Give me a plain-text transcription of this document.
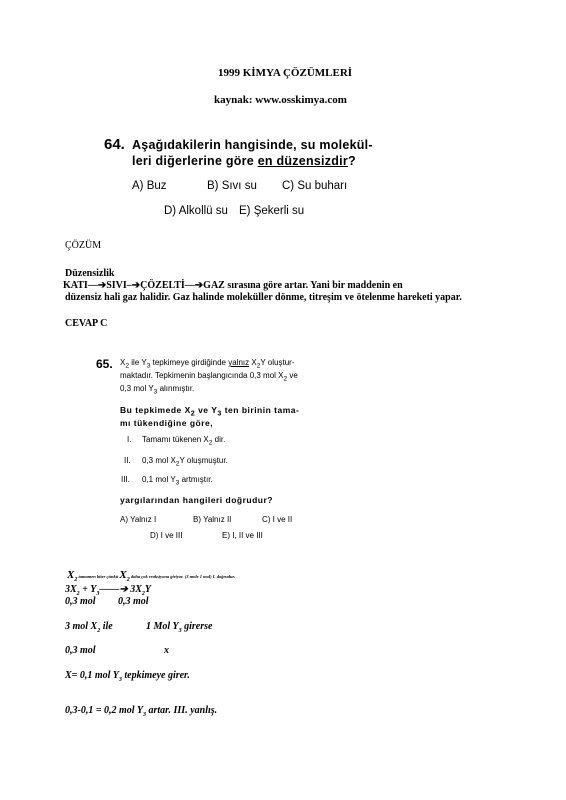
1999 KİMYA ÇÖZÜMLERİ
kaynak: www.osskimya.com
64. Aşağıdakilerin hangisinde, su molekül-
leri diğerlerine göre en düzensizdir?
A) Buz	B) Sıvı su C) Su buharı
D) Alkollü su E) Şekerli su
ÇÖZÜM
Düzensizlik
KATI—➔SIVI–➔ÇÖZELTİ—➔GAZ sırasına göre artar. Yani bir maddenin en
düzensiz hali gaz halidir. Gaz halinde moleküller dönme, titreşim ve ötelenme hareketi yapar.
CEVAP C
65. $X_2$ ile $Y_3$ tepkimeye girdiğinde yalnız $X_2Y$ oluştur-
maktadır. Tepkimenin başlangıcında 0,3 mol $X_2$ ve
0,3 mol $Y_3$ alınmıştır.
Bu tepkimede $X_2$ ve $Y_3$ ten birinin tama-
mı tükendiğine göre,
I. Tamamı tükenen $X_2$ dir.
II. 0,3 mol $X_2Y$ oluşmuştur.
III. 0,1 mol $Y_3$ artmıştır.
yargılarından hangileri doğrudur?
A) Yalnız I	B) Yalnız II	C) I ve II
D) I ve III	E) I, II ve III
$X_2$ tamamen biter çünkü $X_2$ daha çok reaksiyona giriyor. (3 mole 1 mol) I. doğrudur.
$3X_2$ + $Y_3——➔$ $3X_2Y$
0,3 mol 0,3 mol
3 mol $X_2$ ile	1 Mol $Y_3$ girerse
0,3 mol	x
X= 0,1 mol $Y_3$ tepkimeye girer.
0,3-0,1 = 0,2 mol $Y_3$ artar. III. yanlış.
